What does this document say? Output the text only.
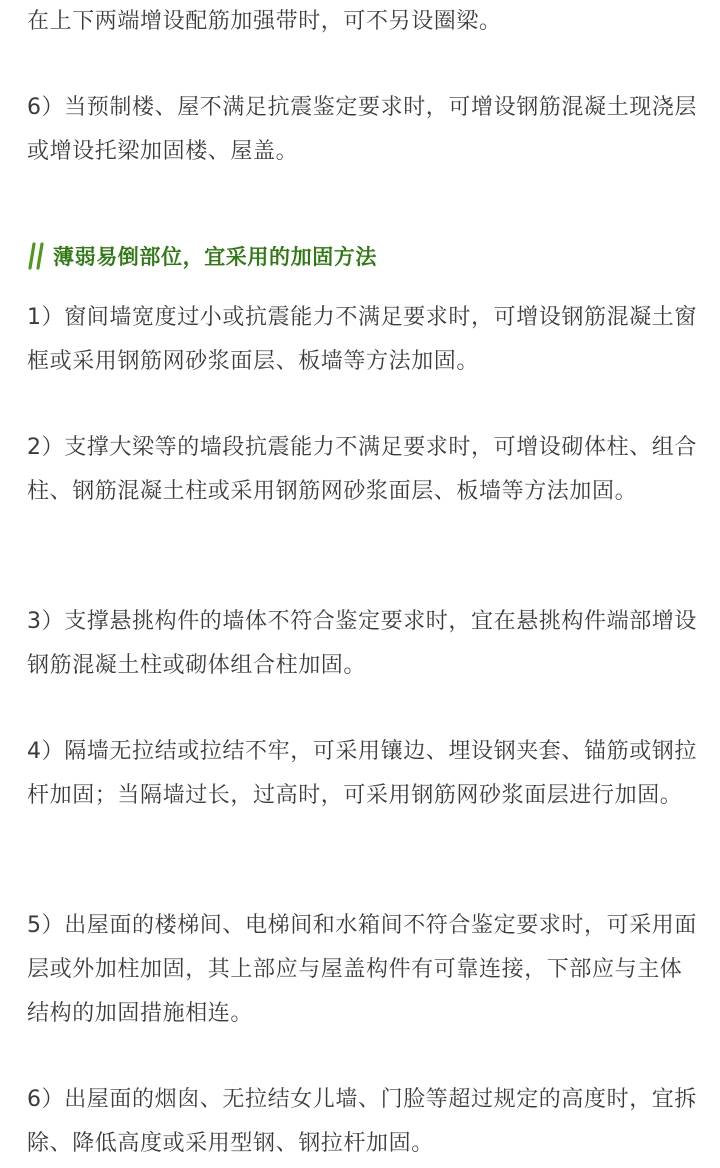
在上下两端增设配筋加强带时，可不另设圈梁。

6）当预制楼、屋不满足抗震鉴定要求时，可增设钢筋混凝土现浇层或增设托梁加固楼、屋盖。

薄弱易倒部位，宜采用的加固方法

1）窗间墙宽度过小或抗震能力不满足要求时，可增设钢筋混凝土窗框或采用钢筋网砂浆面层、板墙等方法加固。

2）支撑大梁等的墙段抗震能力不满足要求时，可增设砌体柱、组合柱、钢筋混凝土柱或采用钢筋网砂浆面层、板墙等方法加固。

3）支撑悬挑构件的墙体不符合鉴定要求时，宜在悬挑构件端部增设钢筋混凝土柱或砌体组合柱加固。

4）隔墙无拉结或拉结不牢，可采用镶边、埋设钢夹套、锚筋或钢拉杆加固；当隔墙过长，过高时，可采用钢筋网砂浆面层进行加固。

5）出屋面的楼梯间、电梯间和水箱间不符合鉴定要求时，可采用面层或外加柱加固，其上部应与屋盖构件有可靠连接，下部应与主体结构的加固措施相连。

6）出屋面的烟囱、无拉结女儿墙、门脸等超过规定的高度时，宜拆除、降低高度或采用型钢、钢拉杆加固。
